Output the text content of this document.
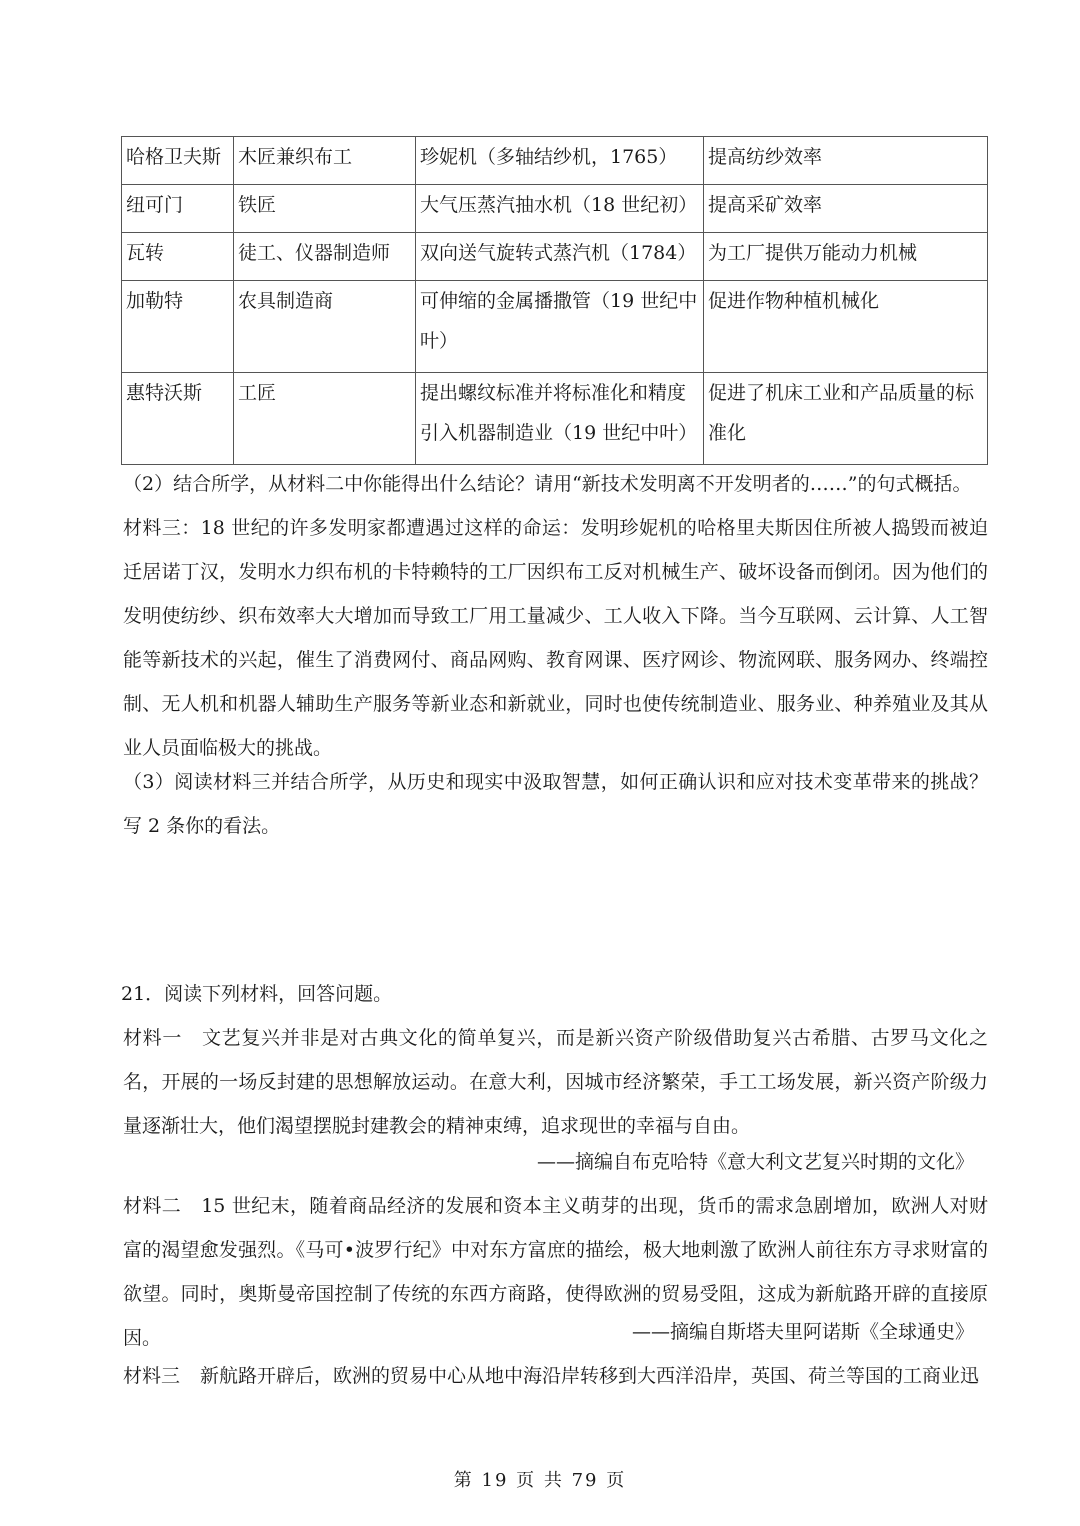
哈格卫夫斯	木匠兼织布工	珍妮机（多轴结纱机，1765）	提高纺纱效率

纽可门	铁匠	大气压蒸汽抽水机（18 世纪初）	提高采矿效率

瓦转	徒工、仪器制造师	双向送气旋转式蒸汽机（1784）	为工厂提供万能动力机械

加勒特	农具制造商	可伸缩的金属播撒管（19 世纪中叶）	促进作物种植机械化

惠特沃斯	工匠	提出螺纹标准并将标准化和精度引入机器制造业（19 世纪中叶）	促进了机床工业和产品质量的标准化

（2）结合所学，从材料二中你能得出什么结论？请用“新技术发明离不开发明者的……”的句式概括。

材料三：18 世纪的许多发明家都遭遇过这样的命运：发明珍妮机的哈格里夫斯因住所被人捣毁而被迫迁居诺丁汉，发明水力织布机的卡特赖特的工厂因织布工反对机械生产、破坏设备而倒闭。因为他们的发明使纺纱、织布效率大大增加而导致工厂用工量减少、工人收入下降。当今互联网、云计算、人工智能等新技术的兴起，催生了消费网付、商品网购、教育网课、医疗网诊、物流网联、服务网办、终端控制、无人机和机器人辅助生产服务等新业态和新就业，同时也使传统制造业、服务业、种养殖业及其从业人员面临极大的挑战。

（3）阅读材料三并结合所学，从历史和现实中汲取智慧，如何正确认识和应对技术变革带来的挑战？写 2 条你的看法。

21．阅读下列材料，回答问题。

材料一 文艺复兴并非是对古典文化的简单复兴，而是新兴资产阶级借助复兴古希腊、古罗马文化之名，开展的一场反封建的思想解放运动。在意大利，因城市经济繁荣，手工工场发展，新兴资产阶级力量逐渐壮大，他们渴望摆脱封建教会的精神束缚，追求现世的幸福与自由。

——摘编自布克哈特《意大利文艺复兴时期的文化》

材料二 15 世纪末，随着商品经济的发展和资本主义萌芽的出现，货币的需求急剧增加，欧洲人对财富的渴望愈发强烈。《马可•波罗行纪》中对东方富庶的描绘，极大地刺激了欧洲人前往东方寻求财富的欲望。同时，奥斯曼帝国控制了传统的东西方商路，使得欧洲的贸易受阻，这成为新航路开辟的直接原因。	——摘编自斯塔夫里阿诺斯《全球通史》

材料三 新航路开辟后，欧洲的贸易中心从地中海沿岸转移到大西洋沿岸，英国、荷兰等国的工商业迅

第 19 页 共 79 页
